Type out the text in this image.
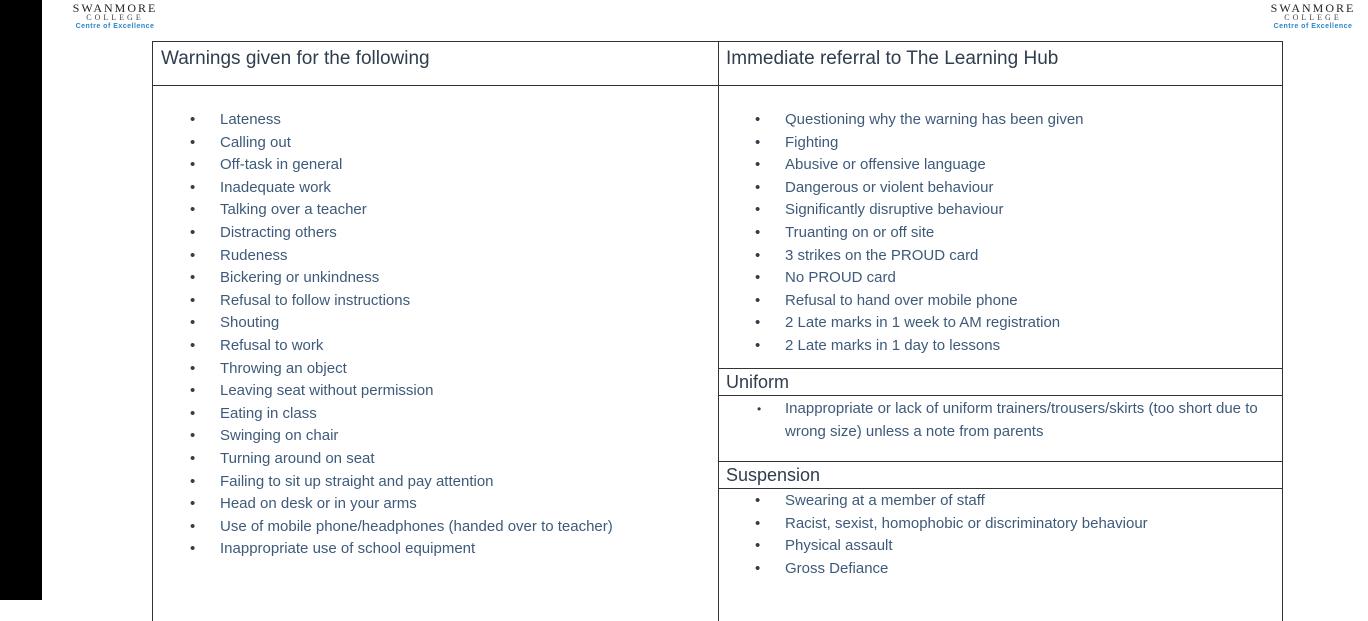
SWANMORE
COLLEGE
Centre of Excellence
SWANMORE
COLLEGE
Centre of Excellence
Warnings given for the following
• Lateness
• Calling out
• Off-task in general
• Inadequate work
• Talking over a teacher
• Distracting others
• Rudeness
• Bickering or unkindness
• Refusal to follow instructions
• Shouting
• Refusal to work
• Throwing an object
• Leaving seat without permission
• Eating in class
• Swinging on chair
• Turning around on seat
• Failing to sit up straight and pay attention
• Head on desk or in your arms
• Use of mobile phone/headphones (handed over to teacher)
• Inappropriate use of school equipment
Immediate referral to The Learning Hub
• Questioning why the warning has been given
• Fighting
• Abusive or offensive language
• Dangerous or violent behaviour
• Significantly disruptive behaviour
• Truanting on or off site
• 3 strikes on the PROUD card
• No PROUD card
• Refusal to hand over mobile phone
• 2 Late marks in 1 week to AM registration
• 2 Late marks in 1 day to lessons
Uniform
• Inappropriate or lack of uniform trainers/trousers/skirts (too short due to wrong size) unless a note from parents
Suspension
• Swearing at a member of staff
• Racist, sexist, homophobic or discriminatory behaviour
• Physical assault
• Gross Defiance
